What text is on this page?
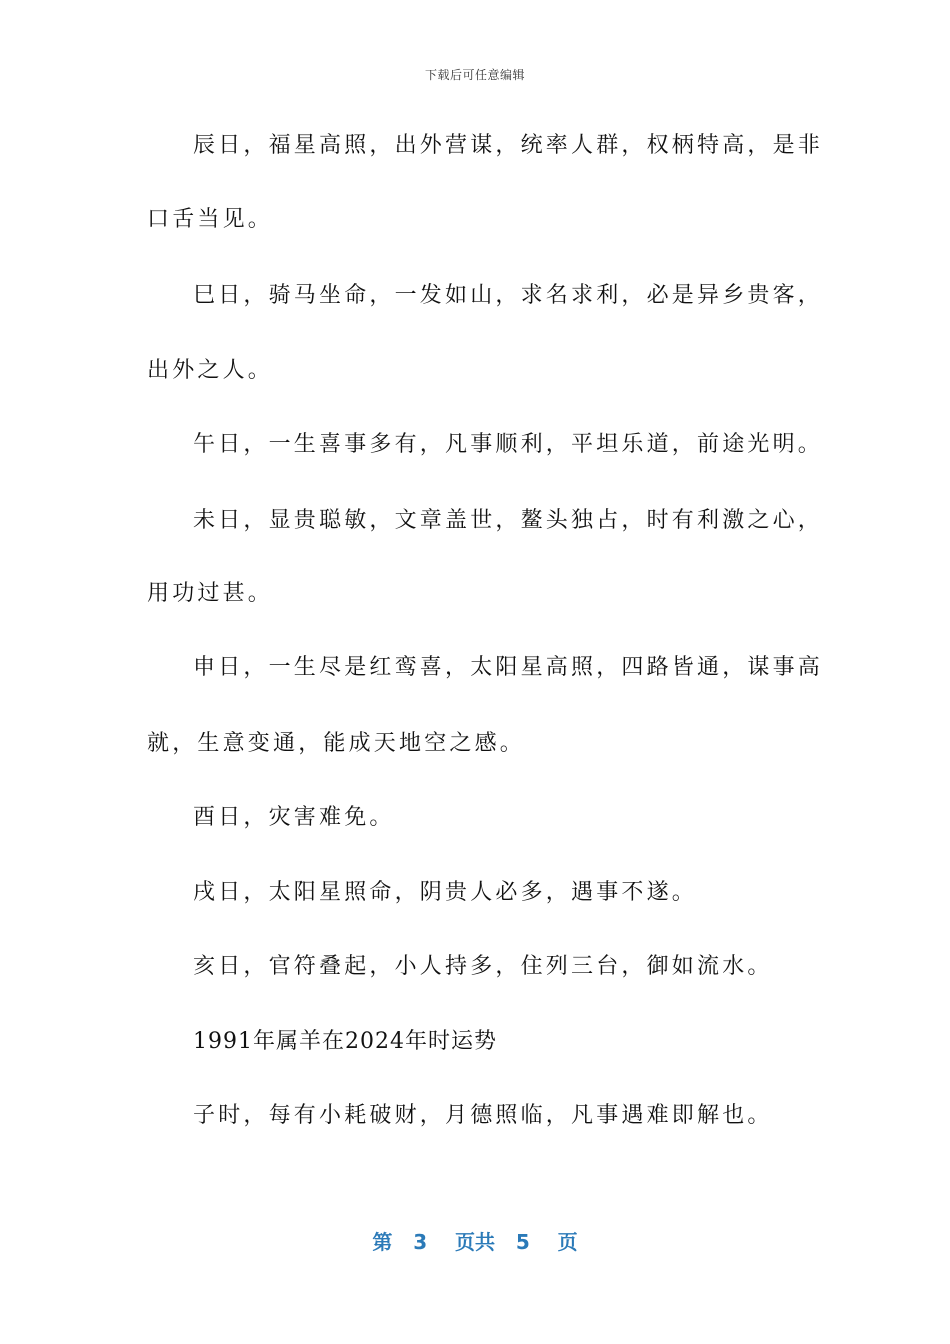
下载后可任意编辑
辰日，福星高照，出外营谋，统率人群，权柄特高，是非
口舌当见。
巳日，骑马坐命，一发如山，求名求利，必是异乡贵客，
出外之人。
午日，一生喜事多有，凡事顺利，平坦乐道，前途光明。
未日，显贵聪敏，文章盖世，鳌头独占，时有利激之心，
用功过甚。
申日，一生尽是红鸾喜，太阳星高照，四路皆通，谋事高
就，生意变通，能成天地空之感。
酉日，灾害难免。
戌日，太阳星照命，阴贵人必多，遇事不遂。
亥日，官符叠起，小人持多，住列三台，御如流水。
1991年属羊在2024年时运势
子时，每有小耗破财，月德照临，凡事遇难即解也。
第 3 页共 5 页
